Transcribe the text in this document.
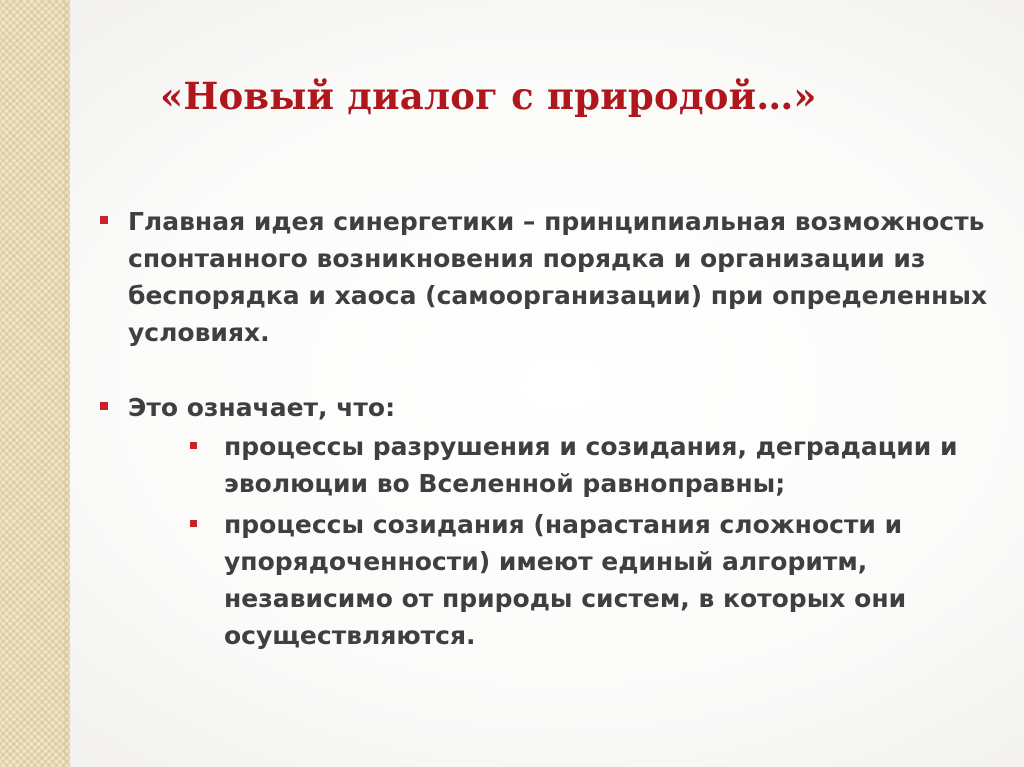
«Новый диалог с природой…»
Главная идея синергетики – принципиальная возможность спонтанного возникновения порядка и организации из беспорядка и хаоса (самоорганизации) при определенных условиях.
Это означает, что:
процессы разрушения и созидания, деградации и эволюции во Вселенной равноправны;
процессы созидания (нарастания сложности и упорядоченности) имеют единый алгоритм, независимо от природы систем, в которых они осуществляются.
